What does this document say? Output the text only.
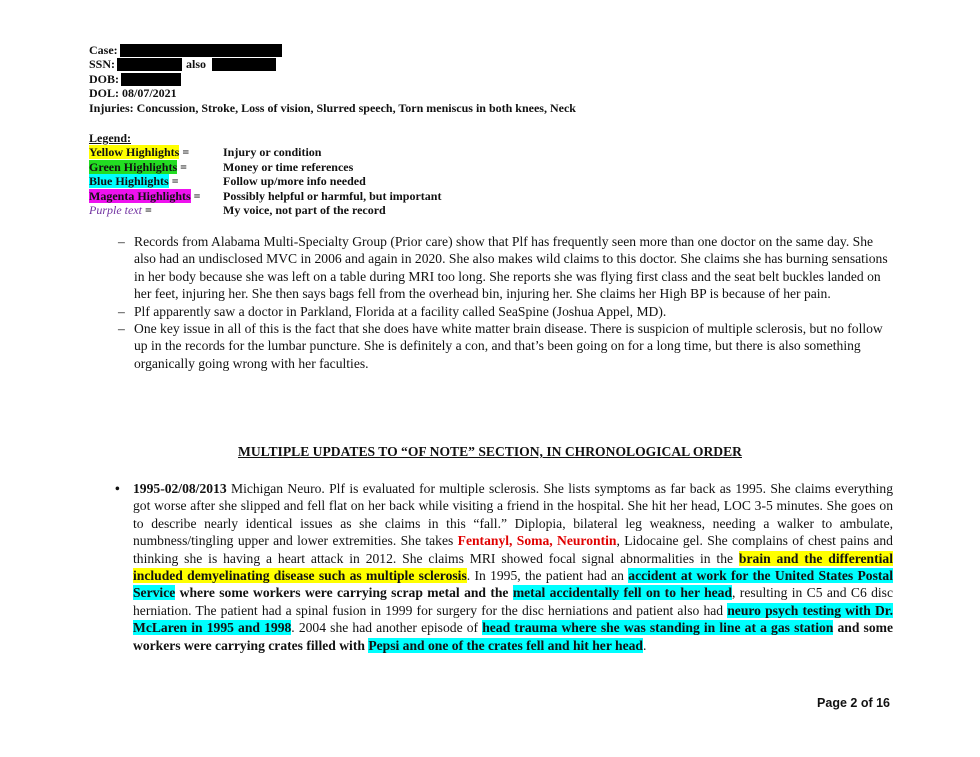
Case:
SSN:	also
DOB:
DOL: 08/07/2021
Injuries: Concussion, Stroke, Loss of vision, Slurred speech, Torn meniscus in both knees, Neck
Legend:
Yellow Highlights =	Injury or condition
Green Highlights =	Money or time references
Blue Highlights =	Follow up/more info needed
Magenta Highlights =	Possibly helpful or harmful, but important
Purple text =	My voice, not part of the record

– Records from Alabama Multi-Specialty Group (Prior care) show that Plf has frequently seen more than one doctor on the same day. She also had an undisclosed MVC in 2006 and again in 2020. She also makes wild claims to this doctor. She claims she has burning sensations in her body because she was left on a table during MRI too long. She reports she was flying first class and the seat belt buckles landed on her feet, injuring her. She then says bags fell from the overhead bin, injuring her. She claims her High BP is because of her pain.

– Plf apparently saw a doctor in Parkland, Florida at a facility called SeaSpine (Joshua Appel, MD).

– One key issue in all of this is the fact that she does have white matter brain disease. There is suspicion of multiple sclerosis, but no follow up in the records for the lumbar puncture. She is definitely a con, and that’s been going on for a long time, but there is also something organically going wrong with her faculties.

MULTIPLE UPDATES TO “OF NOTE” SECTION, IN CHRONOLOGICAL ORDER
• 1995-02/08/2013 Michigan Neuro. Plf is evaluated for multiple sclerosis. She lists symptoms as far back as 1995. She claims everything got worse after she slipped and fell flat on her back while visiting a friend in the hospital. She hit her head, LOC 3-5 minutes. She goes on to describe nearly identical issues as she claims in this “fall.” Diplopia, bilateral leg weakness, needing a walker to ambulate, numbness/tingling upper and lower extremities. She takes Fentanyl, Soma, Neurontin, Lidocaine gel. She complains of chest pains and thinking she is having a heart attack in 2012. She claims MRI showed focal signal abnormalities in the brain and the differential included demyelinating disease such as multiple sclerosis. In 1995, the patient had an accident at work for the United States Postal Service where some workers were carrying scrap metal and the metal accidentally fell on to her head, resulting in C5 and C6 disc herniation. The patient had a spinal fusion in 1999 for surgery for the disc herniations and patient also had neuro psych testing with Dr. McLaren in 1995 and 1998. 2004 she had another episode of head trauma where she was standing in line at a gas station and some workers were carrying crates filled with Pepsi and one of the crates fell and hit her head.
Page 2 of 16
